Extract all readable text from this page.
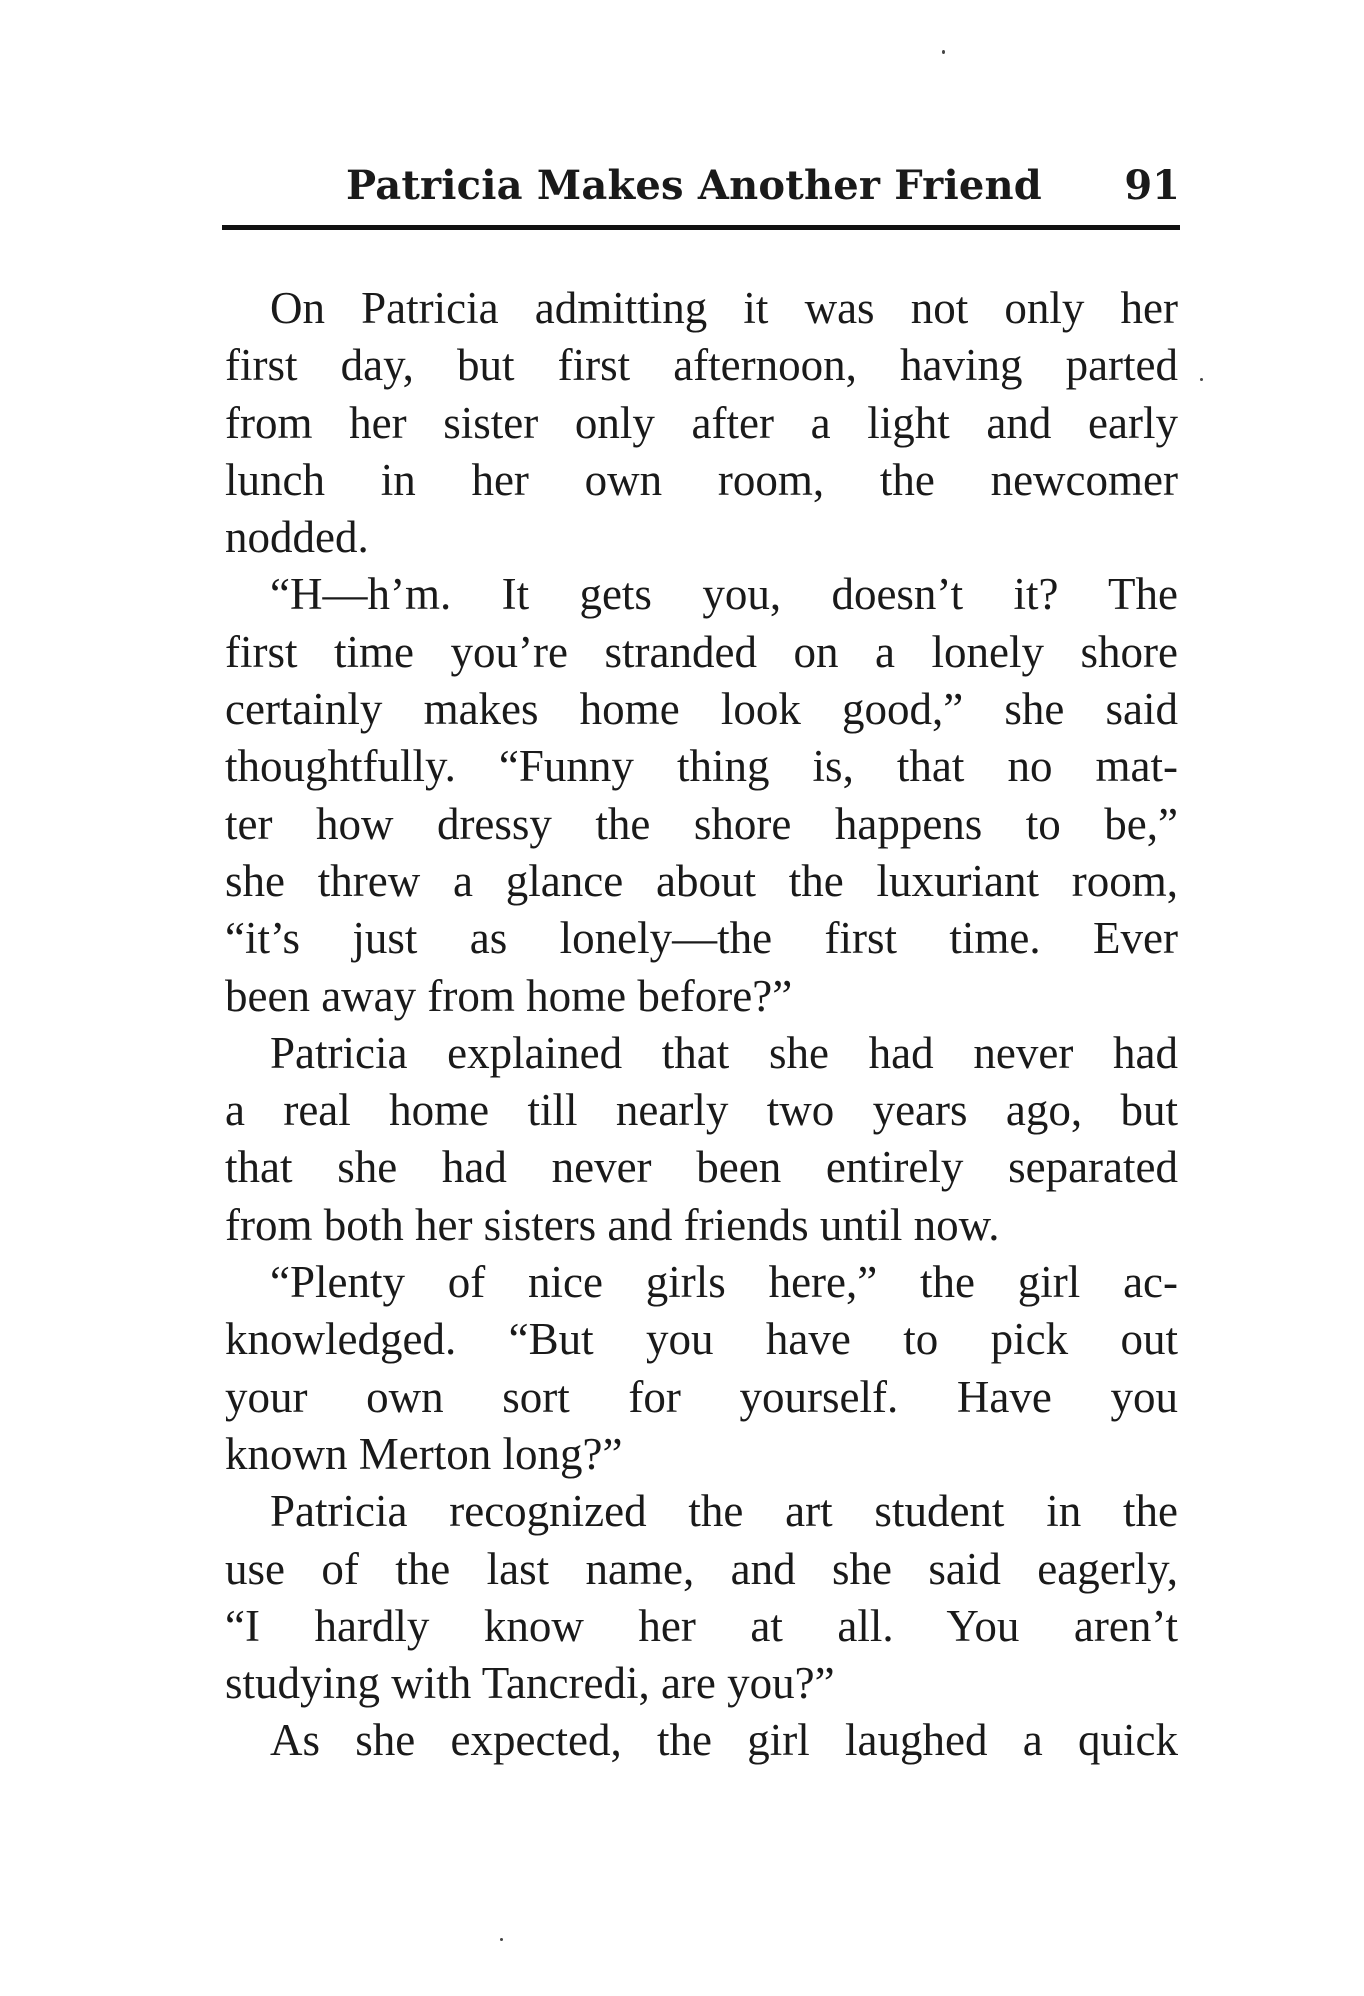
Patricia Makes Another Friend 91
On Patricia admitting it was not only her
first day, but first afternoon, having parted
from her sister only after a light and early
lunch in her own room, the newcomer
nodded.
“H—h’m. It gets you, doesn’t it? The
first time you’re stranded on a lonely shore
certainly makes home look good,” she said
thoughtfully. “Funny thing is, that no mat-
ter how dressy the shore happens to be,”
she threw a glance about the luxuriant room,
“it’s just as lonely—the first time. Ever
been away from home before?”
Patricia explained that she had never had
a real home till nearly two years ago, but
that she had never been entirely separated
from both her sisters and friends until now.
“Plenty of nice girls here,” the girl ac-
knowledged. “But you have to pick out
your own sort for yourself. Have you
known Merton long?”
Patricia recognized the art student in the
use of the last name, and she said eagerly,
“I hardly know her at all. You aren’t
studying with Tancredi, are you?”
As she expected, the girl laughed a quick
